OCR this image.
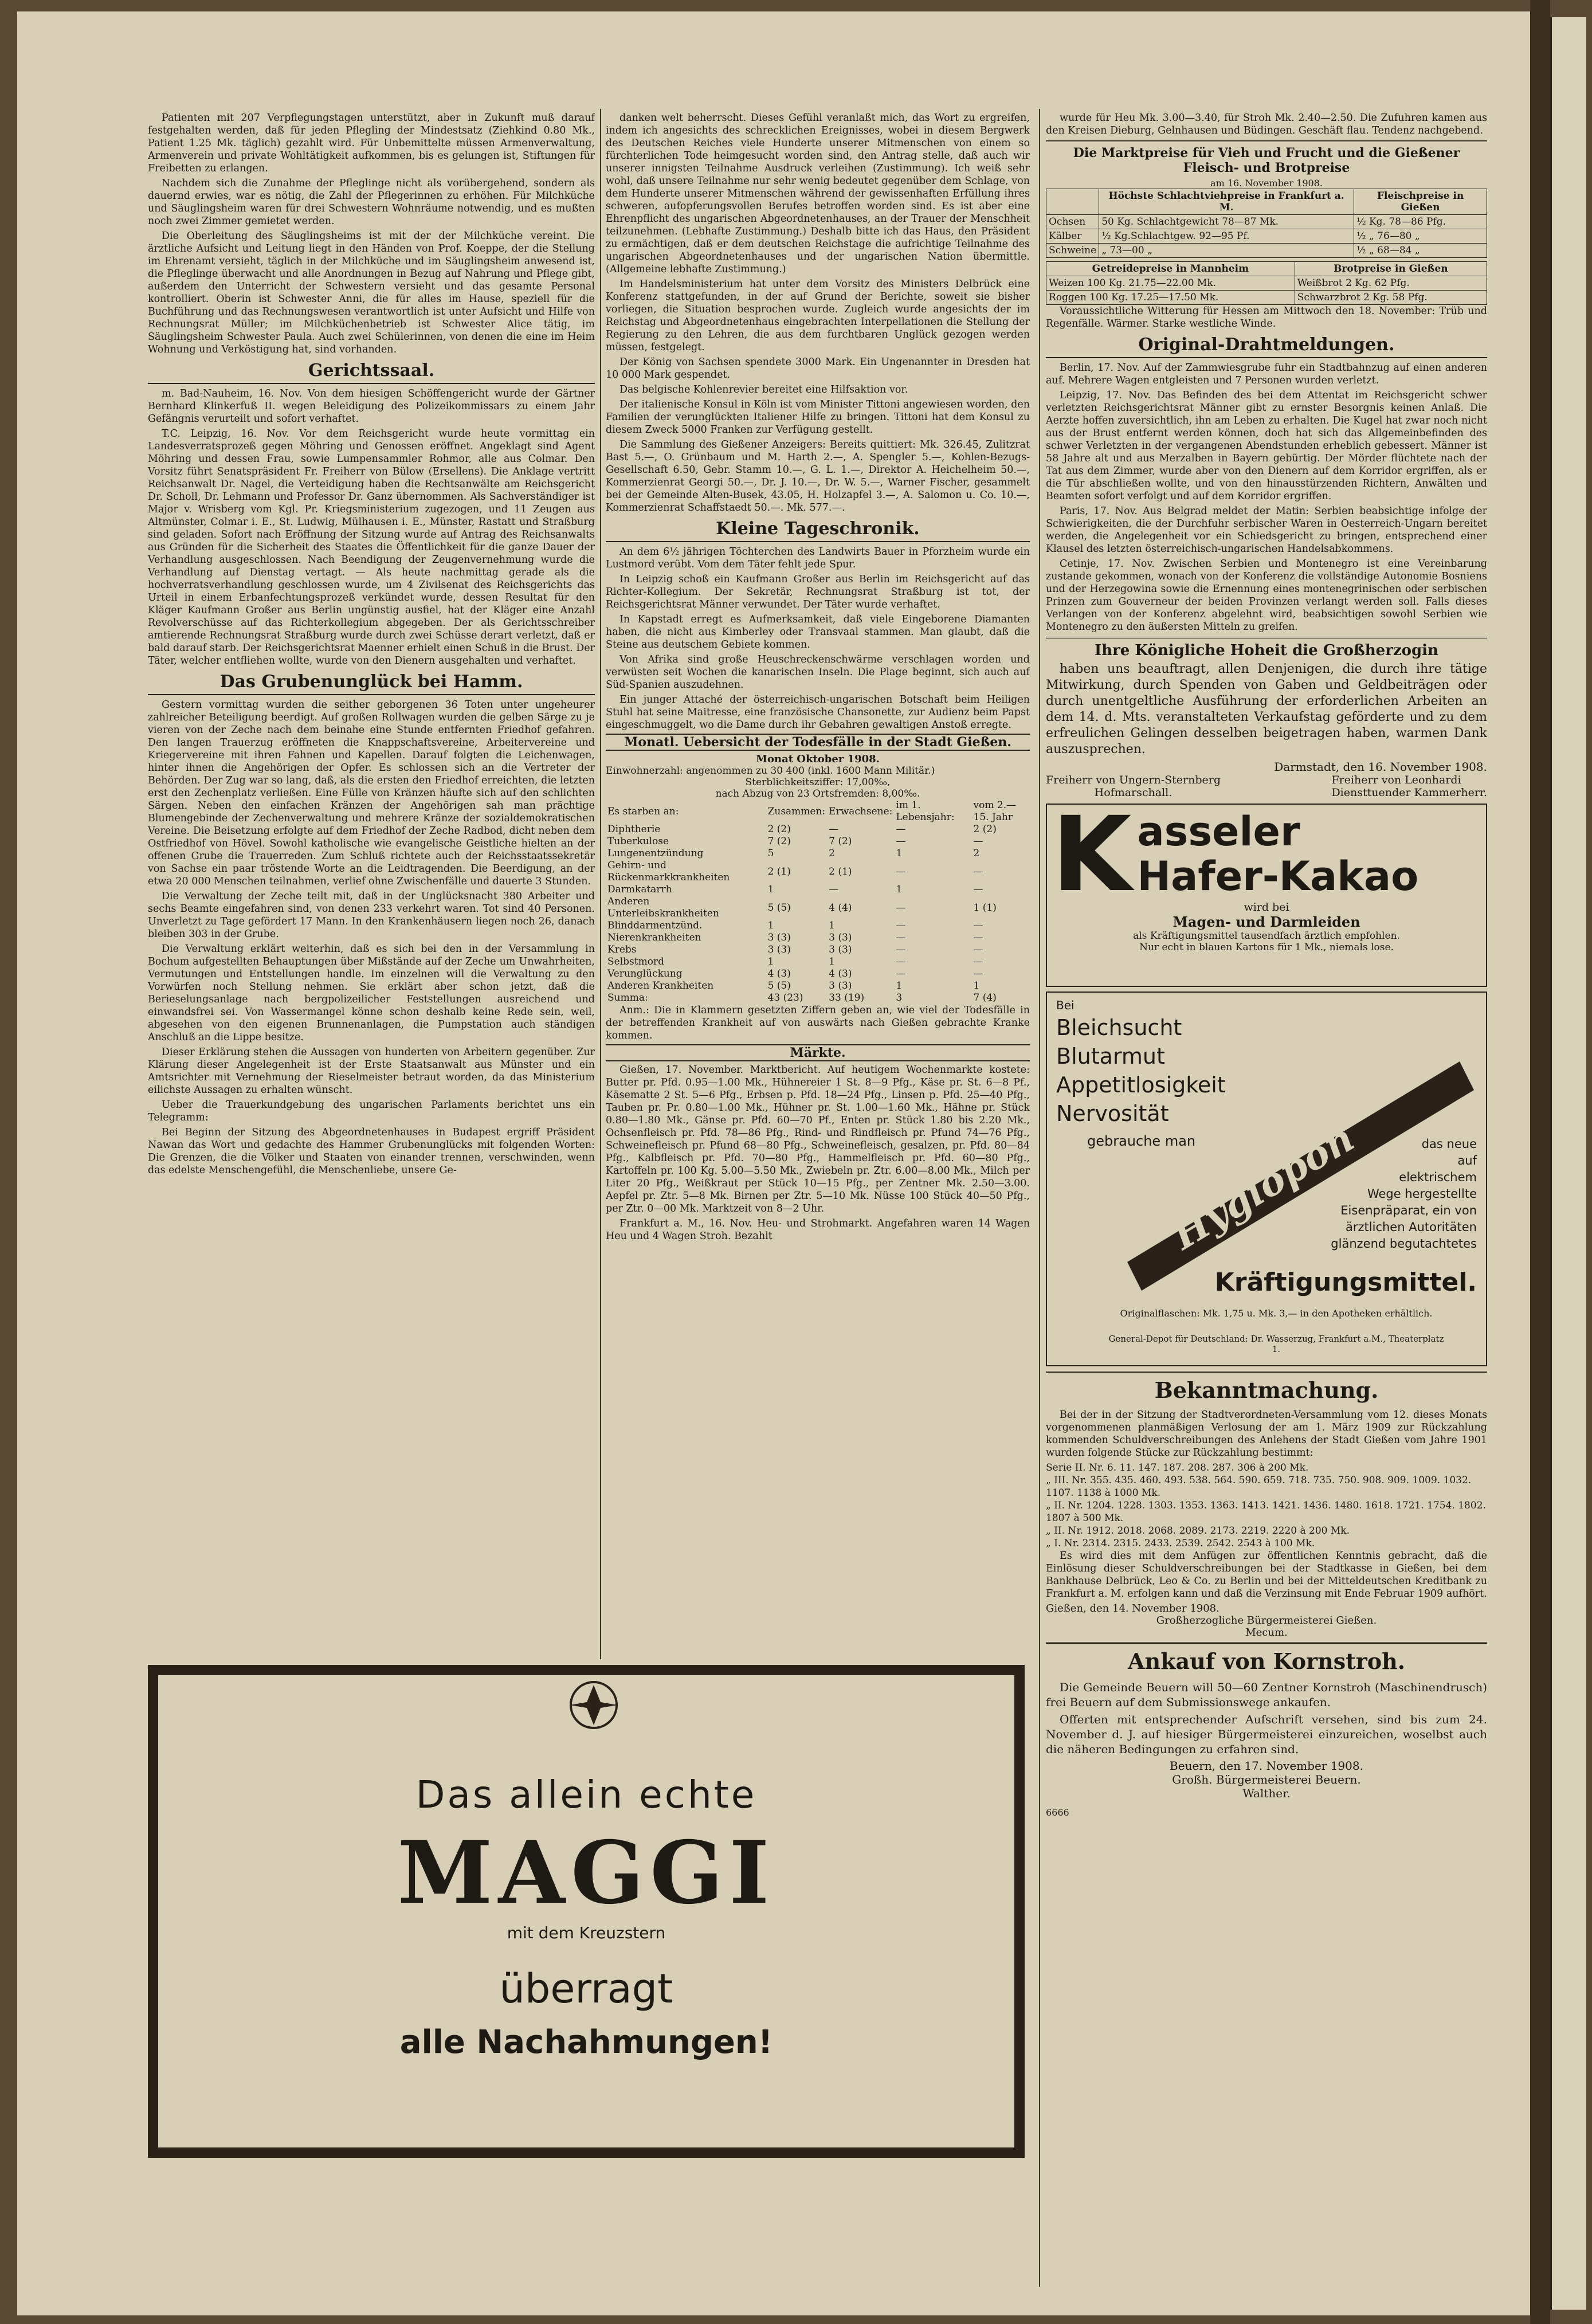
Patienten mit 207 Verpflegungstagen unterstützt, aber in Zukunft muß darauf festgehalten werden, daß für jeden Pflegling der Mindestsatz (Ziehkind 0.80 Mk., Patient 1.25 Mk. täglich) gezahlt wird. Für Unbemittelte müssen Armenverwaltung, Armenverein und private Wohltätigkeit aufkommen, bis es gelungen ist, Stiftungen für Freibetten zu erlangen.

Nachdem sich die Zunahme der Pfleglinge nicht als vorübergehend, sondern als dauernd erwies, war es nötig, die Zahl der Pflegerinnen zu erhöhen. Für Milchküche und Säuglingsheim waren für drei Schwestern Wohnräume notwendig, und es mußten noch zwei Zimmer gemietet werden.

Die Oberleitung des Säuglingsheims ist mit der der Milchküche vereint. Die ärztliche Aufsicht und Leitung liegt in den Händen von Prof. Koeppe, der die Stellung im Ehrenamt versieht, täglich in der Milchküche und im Säuglingsheim anwesend ist, die Pfleglinge überwacht und alle Anordnungen in Bezug auf Nahrung und Pflege gibt, außerdem den Unterricht der Schwestern versieht und das gesamte Personal kontrolliert. Oberin ist Schwester Anni, die für alles im Hause, speziell für die Buchführung und das Rechnungswesen verantwortlich ist unter Aufsicht und Hilfe von Rechnungsrat Müller; im Milchküchenbetrieb ist Schwester Alice tätig, im Säuglingsheim Schwester Paula. Auch zwei Schülerinnen, von denen die eine im Heim Wohnung und Verköstigung hat, sind vorhanden.

Gerichtssaal.

m. Bad-Nauheim, 16. Nov. Von dem hiesigen Schöffengericht wurde der Gärtner Bernhard Klinkerfuß II. wegen Beleidigung des Polizeikommissars zu einem Jahr Gefängnis verurteilt und sofort verhaftet.

T.C. Leipzig, 16. Nov. Vor dem Reichsgericht wurde heute vormittag ein Landesverratsprozeß gegen Möhring und Genossen eröffnet. Angeklagt sind Agent Möhring und dessen Frau, sowie Lumpensammler Rohmor, alle aus Colmar. Den Vorsitz führt Senatspräsident Fr. Freiherr von Bülow (Ersellens). Die Anklage vertritt Reichsanwalt Dr. Nagel, die Verteidigung haben die Rechtsanwälte am Reichsgericht Dr. Scholl, Dr. Lehmann und Professor Dr. Ganz übernommen. Als Sachverständiger ist Major v. Wrisberg vom Kgl. Pr. Kriegsministerium zugezogen, und 11 Zeugen aus Altmünster, Colmar i. E., St. Ludwig, Mülhausen i. E., Münster, Rastatt und Straßburg sind geladen. Sofort nach Eröffnung der Sitzung wurde auf Antrag des Reichsanwalts aus Gründen für die Sicherheit des Staates die Öffentlichkeit für die ganze Dauer der Verhandlung ausgeschlossen. Nach Beendigung der Zeugenvernehmung wurde die Verhandlung auf Dienstag vertagt. — Als heute nachmittag gerade als die hochverratsverhandlung geschlossen wurde, um 4 Zivilsenat des Reichsgerichts das Urteil in einem Erbanfechtungsprozeß verkündet wurde, dessen Resultat für den Kläger Kaufmann Großer aus Berlin ungünstig ausfiel, hat der Kläger eine Anzahl Revolverschüsse auf das Richterkollegium abgegeben. Der als Gerichtsschreiber amtierende Rechnungsrat Straßburg wurde durch zwei Schüsse derart verletzt, daß er bald darauf starb. Der Reichsgerichtsrat Maenner erhielt einen Schuß in die Brust. Der Täter, welcher entfliehen wollte, wurde von den Dienern ausgehalten und verhaftet.

Das Grubenunglück bei Hamm.

Gestern vormittag wurden die seither geborgenen 36 Toten unter ungeheurer zahlreicher Beteiligung beerdigt. Auf großen Rollwagen wurden die gelben Särge zu je vieren von der Zeche nach dem beinahe eine Stunde entfernten Friedhof gefahren. Den langen Trauerzug eröffneten die Knappschaftsvereine, Arbeitervereine und Kriegervereine mit ihren Fahnen und Kapellen. Darauf folgten die Leichenwagen, hinter ihnen die Angehörigen der Opfer. Es schlossen sich an die Vertreter der Behörden. Der Zug war so lang, daß, als die ersten den Friedhof erreichten, die letzten erst den Zechenplatz verließen. Eine Fülle von Kränzen häufte sich auf den schlichten Särgen. Neben den einfachen Kränzen der Angehörigen sah man prächtige Blumengebinde der Zechenverwaltung und mehrere Kränze der sozialdemokratischen Vereine. Die Beisetzung erfolgte auf dem Friedhof der Zeche Radbod, dicht neben dem Ostfriedhof von Hövel. Sowohl katholische wie evangelische Geistliche hielten an der offenen Grube die Trauerreden. Zum Schluß richtete auch der Reichsstaatssekretär von Sachse ein paar tröstende Worte an die Leidtragenden. Die Beerdigung, an der etwa 20 000 Menschen teilnahmen, verlief ohne Zwischenfälle und dauerte 3 Stunden.

Die Verwaltung der Zeche teilt mit, daß in der Unglücksnacht 380 Arbeiter und sechs Beamte eingefahren sind, von denen 233 verkehrt waren. Tot sind 40 Personen. Unverletzt zu Tage gefördert 17 Mann. In den Krankenhäusern liegen noch 26, danach bleiben 303 in der Grube.

Die Verwaltung erklärt weiterhin, daß es sich bei den in der Versammlung in Bochum aufgestellten Behauptungen über Mißstände auf der Zeche um Unwahrheiten, Vermutungen und Entstellungen handle. Im einzelnen will die Verwaltung zu den Vorwürfen noch Stellung nehmen. Sie erklärt aber schon jetzt, daß die Berieselungsanlage nach bergpolizeilicher Feststellungen ausreichend und einwandsfrei sei. Von Wassermangel könne schon deshalb keine Rede sein, weil, abgesehen von den eigenen Brunnenanlagen, die Pumpstation auch ständigen Anschluß an die Lippe besitze.

Dieser Erklärung stehen die Aussagen von hunderten von Arbeitern gegenüber. Zur Klärung dieser Angelegenheit ist der Erste Staatsanwalt aus Münster und ein Amtsrichter mit Vernehmung der Rieselmeister betraut worden, da das Ministerium eilichste Aussagen zu erhalten wünscht.

Ueber die Trauerkundgebung des ungarischen Parlaments berichtet uns ein Telegramm:

Bei Beginn der Sitzung des Abgeordnetenhauses in Budapest ergriff Präsident Nawan das Wort und gedachte des Hammer Grubenunglücks mit folgenden Worten: Die Grenzen, die die Völker und Staaten von einander trennen, verschwinden, wenn das edelste Menschengefühl, die Menschenliebe, unsere Ge-

danken welt beherrscht. Dieses Gefühl veranlaßt mich, das Wort zu ergreifen, indem ich angesichts des schrecklichen Ereignisses, wobei in diesem Bergwerk des Deutschen Reiches viele Hunderte unserer Mitmenschen von einem so fürchterlichen Tode heimgesucht worden sind, den Antrag stelle, daß auch wir unserer innigsten Teilnahme Ausdruck verleihen (Zustimmung). Ich weiß sehr wohl, daß unsere Teilnahme nur sehr wenig bedeutet gegenüber dem Schlage, von dem Hunderte unserer Mitmenschen während der gewissenhaften Erfüllung ihres schweren, aufopferungsvollen Berufes betroffen worden sind. Es ist aber eine Ehrenpflicht des ungarischen Abgeordnetenhauses, an der Trauer der Menschheit teilzunehmen. (Lebhafte Zustimmung.) Deshalb bitte ich das Haus, den Präsident zu ermächtigen, daß er dem deutschen Reichstage die aufrichtige Teilnahme des ungarischen Abgeordnetenhauses und der ungarischen Nation übermittle. (Allgemeine lebhafte Zustimmung.)

Im Handelsministerium hat unter dem Vorsitz des Ministers Delbrück eine Konferenz stattgefunden, in der auf Grund der Berichte, soweit sie bisher vorliegen, die Situation besprochen wurde. Zugleich wurde angesichts der im Reichstag und Abgeordnetenhaus eingebrachten Interpellationen die Stellung der Regierung zu den Lehren, die aus dem furchtbaren Unglück gezogen werden müssen, festgelegt.

Der König von Sachsen spendete 3000 Mark. Ein Ungenannter in Dresden hat 10 000 Mark gespendet.

Das belgische Kohlenrevier bereitet eine Hilfsaktion vor.

Der italienische Konsul in Köln ist vom Minister Tittoni angewiesen worden, den Familien der verunglückten Italiener Hilfe zu bringen. Tittoni hat dem Konsul zu diesem Zweck 5000 Franken zur Verfügung gestellt.

Die Sammlung des Gießener Anzeigers: Bereits quittiert: Mk. 326.45, Zulitzrat Bast 5.—, O. Grünbaum und M. Harth 2.—, A. Spengler 5.—, Kohlen-Bezugs-Gesellschaft 6.50, Gebr. Stamm 10.—, G. L. 1.—, Direktor A. Heichelheim 50.—, Kommerzienrat Georgi 50.—, Dr. J. 10.—, Dr. W. 5.—, Warner Fischer, gesammelt bei der Gemeinde Alten-Busek, 43.05, H. Holzapfel 3.—, A. Salomon u. Co. 10.—, Kommerzienrat Schaffstaedt 50.—. Mk. 577.—.

Kleine Tageschronik.

An dem 6½ jährigen Töchterchen des Landwirts Bauer in Pforzheim wurde ein Lustmord verübt. Vom dem Täter fehlt jede Spur.

In Leipzig schoß ein Kaufmann Großer aus Berlin im Reichsgericht auf das Richter-Kollegium. Der Sekretär, Rechnungsrat Straßburg ist tot, der Reichsgerichtsrat Männer verwundet. Der Täter wurde verhaftet.

In Kapstadt erregt es Aufmerksamkeit, daß viele Eingeborene Diamanten haben, die nicht aus Kimberley oder Transvaal stammen. Man glaubt, daß die Steine aus deutschem Gebiete kommen.

Von Afrika sind große Heuschreckenschwärme verschlagen worden und verwüsten seit Wochen die kanarischen Inseln. Die Plage beginnt, sich auch auf Süd-Spanien auszudehnen.

Ein junger Attaché der österreichisch-ungarischen Botschaft beim Heiligen Stuhl hat seine Maitresse, eine französische Chansonette, zur Audienz beim Papst eingeschmuggelt, wo die Dame durch ihr Gebahren gewaltigen Anstoß erregte.

Monatl. Uebersicht der Todesfälle in der Stadt Gießen.
Monat Oktober 1908.
Einwohnerzahl: angenommen zu 30 400 (inkl. 1600 Mann Militär.)
Sterblichkeitsziffer: 17,00‰,
nach Abzug von 23 Ortsfremden: 8,00‰.
Es starben an:	Zusammen:	Erwachsene:	im 1. Lebensjahr:	vom 2.—15. Jahr
Diphtherie	2 (2)	—	—	2 (2)
Tuberkulose	7 (2)	7 (2)	—	—
Lungenentzündung	5	2	1	2
Gehirn- und Rückenmarkkrankheiten	2 (1)	2 (1)	—	—
Darmkatarrh	1	—	1	—
Anderen Unterleibskrankheiten	5 (5)	4 (4)	—	1 (1)
Blinddarmentzünd.	1	1	—	—
Nierenkrankheiten	3 (3)	3 (3)	—	—
Krebs	3 (3)	3 (3)	—	—
Selbstmord	1	1	—	—
Verunglückung	4 (3)	4 (3)	—	—
Anderen Krankheiten	5 (5)	3 (3)	1	1
Summa:	43 (23)	33 (19)	3	7 (4)

Anm.: Die in Klammern gesetzten Ziffern geben an, wie viel der Todesfälle in der betreffenden Krankheit auf von auswärts nach Gießen gebrachte Kranke kommen.

Märkte.

Gießen, 17. November. Marktbericht. Auf heutigem Wochenmarkte kostete: Butter pr. Pfd. 0.95—1.00 Mk., Hühnereier 1 St. 8—9 Pfg., Käse pr. St. 6—8 Pf., Käsematte 2 St. 5—6 Pfg., Erbsen p. Pfd. 18—24 Pfg., Linsen p. Pfd. 25—40 Pfg., Tauben pr. Pr. 0.80—1.00 Mk., Hühner pr. St. 1.00—1.60 Mk., Hähne pr. Stück 0.80—1.80 Mk., Gänse pr. Pfd. 60—70 Pf., Enten pr. Stück 1.80 bis 2.20 Mk., Ochsenfleisch pr. Pfd. 78—86 Pfg., Rind- und Rindfleisch pr. Pfund 74—76 Pfg., Schweinefleisch pr. Pfund 68—80 Pfg., Schweinefleisch, gesalzen, pr. Pfd. 80—84 Pfg., Kalbfleisch pr. Pfd. 70—80 Pfg., Hammelfleisch pr. Pfd. 60—80 Pfg., Kartoffeln pr. 100 Kg. 5.00—5.50 Mk., Zwiebeln pr. Ztr. 6.00—8.00 Mk., Milch per Liter 20 Pfg., Weißkraut per Stück 10—15 Pfg., per Zentner Mk. 2.50—3.00. Aepfel pr. Ztr. 5—8 Mk. Birnen per Ztr. 5—10 Mk. Nüsse 100 Stück 40—50 Pfg., per Ztr. 0—00 Mk. Marktzeit von 8—2 Uhr.

Frankfurt a. M., 16. Nov. Heu- und Strohmarkt. Angefahren waren 14 Wagen Heu und 4 Wagen Stroh. Bezahlt

wurde für Heu Mk. 3.00—3.40, für Stroh Mk. 2.40—2.50. Die Zufuhren kamen aus den Kreisen Dieburg, Gelnhausen und Büdingen. Geschäft flau. Tendenz nachgebend.

Die Marktpreise für Vieh und Frucht und die Gießener Fleisch- und Brotpreise
am 16. November 1908.
	Höchste Schlachtviehpreise in Frankfurt a. M.	Fleischpreise in Gießen
Ochsen	50 Kg. Schlachtgewicht 78—87 Mk.	½ Kg. 78—86 Pfg.
Kälber	½ Kg.Schlachtgew. 92—95 Pf.	½ „ 76—80 „
Schweine	„ 73—00 „	½ „ 68—84 „
Getreidepreise in Mannheim	Brotpreise in Gießen
Weizen 100 Kg. 21.75—22.00 Mk.	Weißbrot 2 Kg. 62 Pfg.
Roggen 100 Kg. 17.25—17.50 Mk.	Schwarzbrot 2 Kg. 58 Pfg.

Voraussichtliche Witterung für Hessen am Mittwoch den 18. November: Trüb und Regenfälle. Wärmer. Starke westliche Winde.

Original-Drahtmeldungen.

Berlin, 17. Nov. Auf der Zammwiesgrube fuhr ein Stadtbahnzug auf einen anderen auf. Mehrere Wagen entgleisten und 7 Personen wurden verletzt.

Leipzig, 17. Nov. Das Befinden des bei dem Attentat im Reichsgericht schwer verletzten Reichsgerichtsrat Männer gibt zu ernster Besorgnis keinen Anlaß. Die Aerzte hoffen zuversichtlich, ihn am Leben zu erhalten. Die Kugel hat zwar noch nicht aus der Brust entfernt werden können, doch hat sich das Allgemeinbefinden des schwer Verletzten in der vergangenen Abendstunden erheblich gebessert. Männer ist 58 Jahre alt und aus Merzalben in Bayern gebürtig. Der Mörder flüchtete nach der Tat aus dem Zimmer, wurde aber von den Dienern auf dem Korridor ergriffen, als er die Tür abschließen wollte, und von den hinausstürzenden Richtern, Anwälten und Beamten sofort verfolgt und auf dem Korridor ergriffen.

Paris, 17. Nov. Aus Belgrad meldet der Matin: Serbien beabsichtige infolge der Schwierigkeiten, die der Durchfuhr serbischer Waren in Oesterreich-Ungarn bereitet werden, die Angelegenheit vor ein Schiedsgericht zu bringen, entsprechend einer Klausel des letzten österreichisch-ungarischen Handelsabkommens.

Cetinje, 17. Nov. Zwischen Serbien und Montenegro ist eine Vereinbarung zustande gekommen, wonach von der Konferenz die vollständige Autonomie Bosniens und der Herzegowina sowie die Ernennung eines montenegrinischen oder serbischen Prinzen zum Gouverneur der beiden Provinzen verlangt werden soll. Falls dieses Verlangen von der Konferenz abgelehnt wird, beabsichtigen sowohl Serbien wie Montenegro zu den äußersten Mitteln zu greifen.

Ihre Königliche Hoheit die Großherzogin

haben uns beauftragt, allen Denjenigen, die durch ihre tätige Mitwirkung, durch Spenden von Gaben und Geldbeiträgen oder durch unentgeltliche Ausführung der erforderlichen Arbeiten an dem 14. d. Mts. veranstalteten Verkaufstag geförderte und zu dem erfreulichen Gelingen desselben beigetragen haben, warmen Dank auszusprechen.

Darmstadt, den 16. November 1908.
Freiherr von Ungern-Sternberg
Hofmarschall.
Freiherr von Leonhardi
Diensttuender Kammerherr.
K asseler
Hafer-Kakao
wird bei
Magen- und Darmleiden
als Kräftigungsmittel tausendfach ärztlich empfohlen.
Nur echt in blauen Kartons für 1 Mk., niemals lose.
Bei
Bleichsucht
Blutarmut
Appetitlosigkeit
Nervosität
gebrauche man
Hygiopon	das neue
auf
elektrischem
Wege hergestellte
Eisenpräparat, ein von
ärztlichen Autoritäten
glänzend begutachtetes
Kräftigungsmittel.
Originalflaschen: Mk. 1,75 u. Mk. 3,— in den Apotheken erhältlich.
General-Depot für Deutschland: Dr. Wasserzug, Frankfurt a.M., Theaterplatz 1.
Bekanntmachung.

Bei der in der Sitzung der Stadtverordneten-Versammlung vom 12. dieses Monats vorgenommenen planmäßigen Verlosung der am 1. März 1909 zur Rückzahlung kommenden Schuldverschreibungen des Anlehens der Stadt Gießen vom Jahre 1901 wurden folgende Stücke zur Rückzahlung bestimmt:

Serie II. Nr. 6. 11. 147. 187. 208. 287. 306 à 200 Mk.
„ III. Nr. 355. 435. 460. 493. 538. 564. 590. 659. 718. 735. 750. 908. 909. 1009. 1032. 1107. 1138 à 1000 Mk.
„ II. Nr. 1204. 1228. 1303. 1353. 1363. 1413. 1421. 1436. 1480. 1618. 1721. 1754. 1802. 1807 à 500 Mk.
„ II. Nr. 1912. 2018. 2068. 2089. 2173. 2219. 2220 à 200 Mk.
„ I. Nr. 2314. 2315. 2433. 2539. 2542. 2543 à 100 Mk.

Es wird dies mit dem Anfügen zur öffentlichen Kenntnis gebracht, daß die Einlösung dieser Schuldverschreibungen bei der Stadtkasse in Gießen, bei dem Bankhause Delbrück, Leo & Co. zu Berlin und bei der Mitteldeutschen Kreditbank zu Frankfurt a. M. erfolgen kann und daß die Verzinsung mit Ende Februar 1909 aufhört.

Gießen, den 14. November 1908.
Großherzogliche Bürgermeisterei Gießen.
Mecum.
Ankauf von Kornstroh.

Die Gemeinde Beuern will 50—60 Zentner Kornstroh (Maschinendrusch) frei Beuern auf dem Submissionswege ankaufen.

Offerten mit entsprechender Aufschrift versehen, sind bis zum 24. November d. J. auf hiesiger Bürgermeisterei einzureichen, woselbst auch die näheren Bedingungen zu erfahren sind.

Beuern, den 17. November 1908.
Großh. Bürgermeisterei Beuern.
Walther.
6666
Das allein echte
MAGGI
mit dem Kreuzstern
überragt
alle Nachahmungen!
